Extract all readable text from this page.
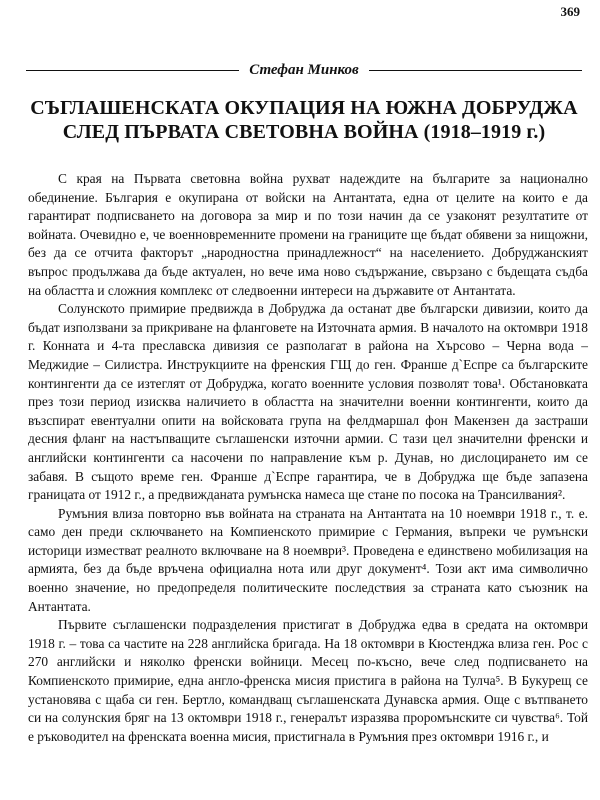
369
Стефан Минков
СЪГЛАШЕНСКАТА ОКУПАЦИЯ НА ЮЖНА ДОБРУДЖА
СЛЕД ПЪРВАТА СВЕТОВНА ВОЙНА (1918–1919 г.)

С края на Първата световна война рухват надеждите на българите за национално обединение. България е окупирана от войски на Антантата, една от целите на които е да гарантират подписването на договора за мир и по този начин да се узаконят резултатите от войната. Очевидно е, че военновременните промени на границите ще бъдат обявени за нищожни, без да се отчита факторът „народностна принадлежност“ на населението. Добруджанският въпрос продължава да бъде актуален, но вече има ново съдържание, свързано с бъдещата съдба на областта и сложния комплекс от следвоенни интереси на държавите от Антантата.

Солунското примирие предвижда в Добруджа да останат две български дивизии, които да бъдат използвани за прикриване на фланговете на Източната армия. В началото на октомври 1918 г. Конната и 4-та преславска дивизия се разполагат в района на Хърсово – Черна вода – Меджидие – Силистра. Инструкциите на френския ГЩ до ген. Франше д`Еспре са българските контингенти да се изтеглят от Добруджа, когато военните условия позволят това¹. Обстановката през този период изисква наличието в областта на значителни военни контингенти, които да възспират евентуални опити на войсковата група на фелдмаршал фон Макензен да застраши десния фланг на настъпващите съглашенски източни армии. С тази цел значителни френски и английски контингенти са насочени по направление към р. Дунав, но дислоцирането им се забавя. В същото време ген. Франше д`Еспре гарантира, че в Добруджа ще бъде запазена границата от 1912 г., а предвижданата румънска намеса ще стане по посока на Трансилвания².

Румъния влиза повторно във войната на страната на Антантата на 10 ноември 1918 г., т. е. само ден преди сключването на Компиенското примирие с Германия, въпреки че румънски историци изместват реалното включване на 8 ноември³. Проведена е единствено мобилизация на армията, без да бъде връчена официална нота или друг документ⁴. Този акт има символично военно значение, но предопределя политическите последствия за страната като съюзник на Антантата.

Първите съглашенски подразделения пристигат в Добруджа едва в средата на октомври 1918 г. – това са частите на 228 английска бригада. На 18 октомври в Кюстенджа влиза ген. Рос с 270 английски и няколко френски войници. Месец по-късно, вече след подписването на Компиенското примирие, една англо-френска мисия пристига в района на Тулча⁵. В Букурещ се установява с щаба си ген. Бертло, командващ съглашенската Дунавска армия. Още с вътпването си на солунския бряг на 13 октомври 1918 г., генералът изразява проромънските си чувства⁶. Той е ръководител на френската военна мисия, пристигнала в Румъния през октомври 1916 г., и
